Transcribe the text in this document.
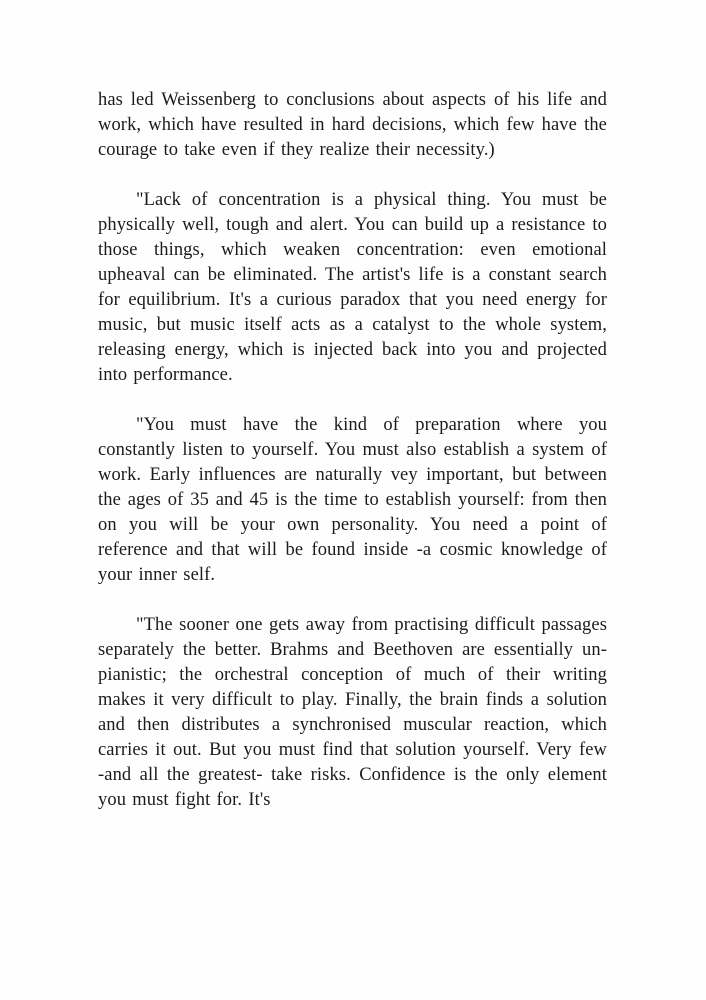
has led Weissenberg to conclusions about aspects of his life and work, which have resulted in hard decisions, which few have the courage to take even if they realize their necessity.)

"Lack of concentration is a physical thing. You must be physically well, tough and alert. You can build up a resistance to those things, which weaken concentration: even emotional upheaval can be eliminated. The artist's life is a constant search for equilibrium. It's a curious paradox that you need energy for music, but music itself acts as a catalyst to the whole system, releasing energy, which is injected back into you and projected into performance.

"You must have the kind of preparation where you constantly listen to yourself. You must also establish a system of work. Early influences are naturally vey important, but between the ages of 35 and 45 is the time to establish yourself: from then on you will be your own personality. You need a point of reference and that will be found inside -a cosmic knowledge of your inner self.

"The sooner one gets away from practising difficult passages separately the better. Brahms and Beethoven are essentially un-pianistic; the orchestral conception of much of their writing makes it very difficult to play. Finally, the brain finds a solution and then distributes a synchronised muscular reaction, which carries it out. But you must find that solution yourself. Very few -and all the greatest- take risks. Confidence is the only element you must fight for. It's
